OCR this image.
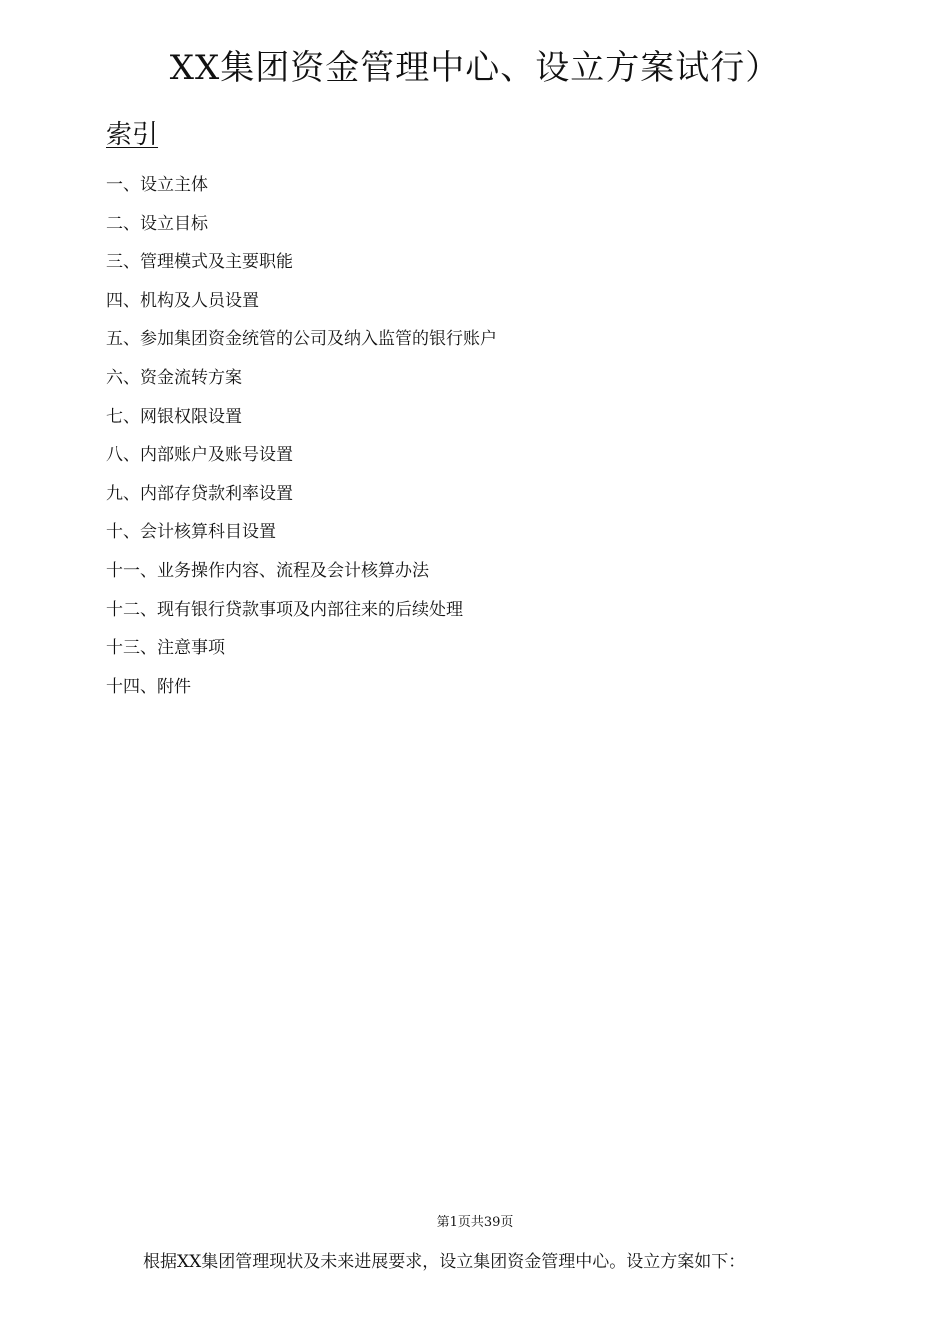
XX集团资金管理中心、设立方案试行）
索引
一、设立主体
二、设立目标
三、管理模式及主要职能
四、机构及人员设置
五、参加集团资金统管的公司及纳入监管的银行账户
六、资金流转方案
七、网银权限设置
八、内部账户及账号设置
九、内部存贷款利率设置
十、会计核算科目设置
十一、业务操作内容、流程及会计核算办法
十二、现有银行贷款事项及内部往来的后续处理
十三、注意事项
十四、附件
第1页共39页
根据XX集团管理现状及未来进展要求，设立集团资金管理中心。设立方案如下：
